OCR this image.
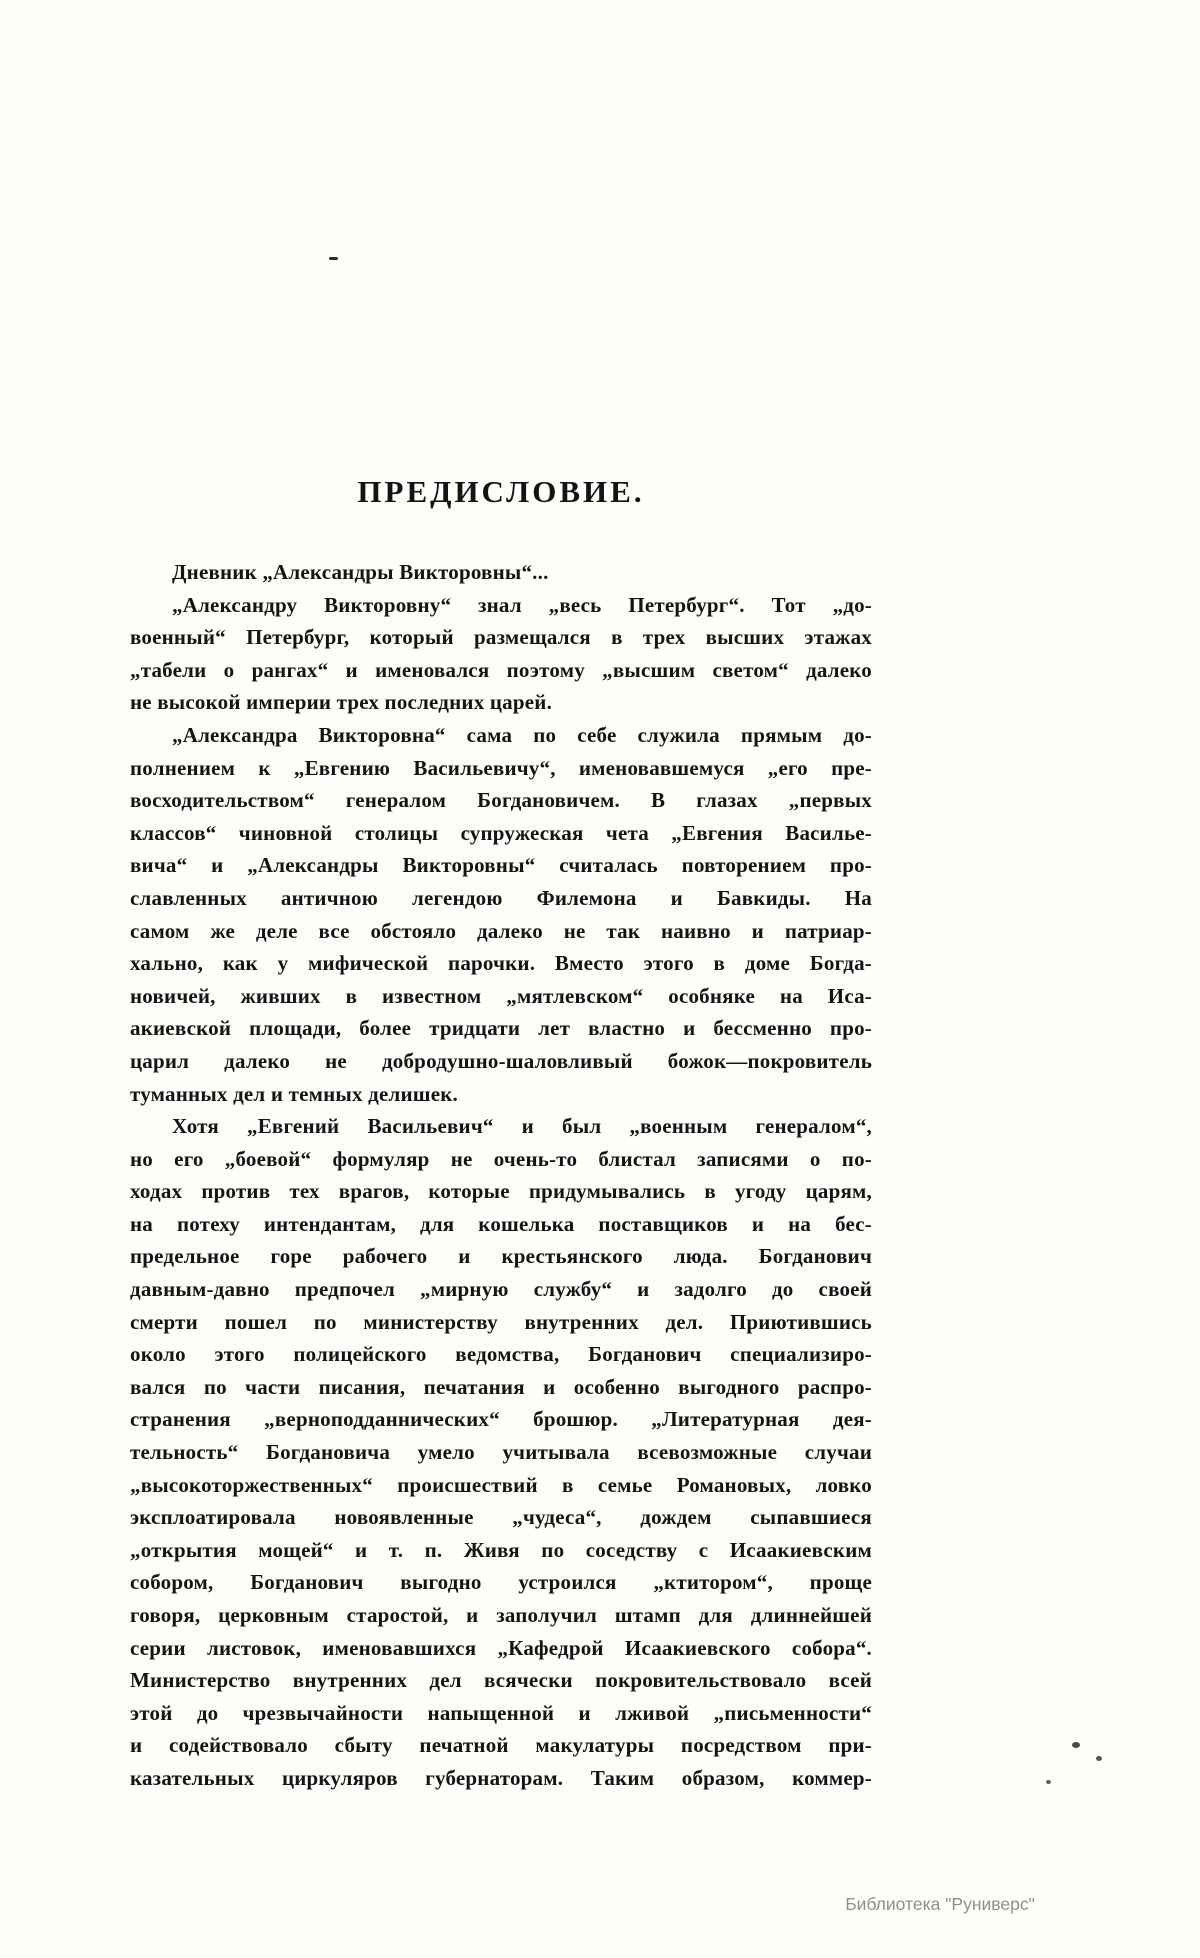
ПРЕДИСЛОВИЕ.
Дневник „Александры Викторовны“...
„Александру Викторовну“ знал „весь Петербург“. Тот „до-
военный“ Петербург, который размещался в трех высших этажах
„табели о рангах“ и именовался поэтому „высшим светом“ далеко
не высокой империи трех последних царей.
„Александра Викторовна“ сама по себе служила прямым до-
полнением к „Евгению Васильевичу“, именовавшемуся „его пре-
восходительством“ генералом Богдановичем. В глазах „первых
классов“ чиновной столицы супружеская чета „Евгения Василье-
вича“ и „Александры Викторовны“ считалась повторением про-
славленных античною легендою Филемона и Бавкиды. На
самом же деле все обстояло далеко не так наивно и патриар-
хально, как у мифической парочки. Вместо этого в доме Богда-
новичей, живших в известном „мятлевском“ особняке на Иса-
акиевской площади, более тридцати лет властно и бессменно про-
царил далеко не добродушно-шаловливый божок—покровитель
туманных дел и темных делишек.
Хотя „Евгений Васильевич“ и был „военным генералом“,
но его „боевой“ формуляр не очень-то блистал записями о по-
ходах против тех врагов, которые придумывались в угоду царям,
на потеху интендантам, для кошелька поставщиков и на бес-
предельное горе рабочего и крестьянского люда. Богданович
давным-давно предпочел „мирную службу“ и задолго до своей
смерти пошел по министерству внутренних дел. Приютившись
около этого полицейского ведомства, Богданович специализиро-
вался по части писания, печатания и особенно выгодного распро-
странения „верноподданнических“ брошюр. „Литературная дея-
тельность“ Богдановича умело учитывала всевозможные случаи
„высокоторжественных“ происшествий в семье Романовых, ловко
эксплоатировала новоявленные „чудеса“, дождем сыпавшиеся
„открытия мощей“ и т. п. Живя по соседству с Исаакиевским
собором, Богданович выгодно устроился „ктитором“, проще
говоря, церковным старостой, и заполучил штамп для длиннейшей
серии листовок, именовавшихся „Кафедрой Исаакиевского собора“.
Министерство внутренних дел всячески покровительствовало всей
этой до чрезвычайности напыщенной и лживой „письменности“
и содействовало сбыту печатной макулатуры посредством при-
казательных циркуляров губернаторам. Таким образом, коммер-
Библиотека "Руниверс"
